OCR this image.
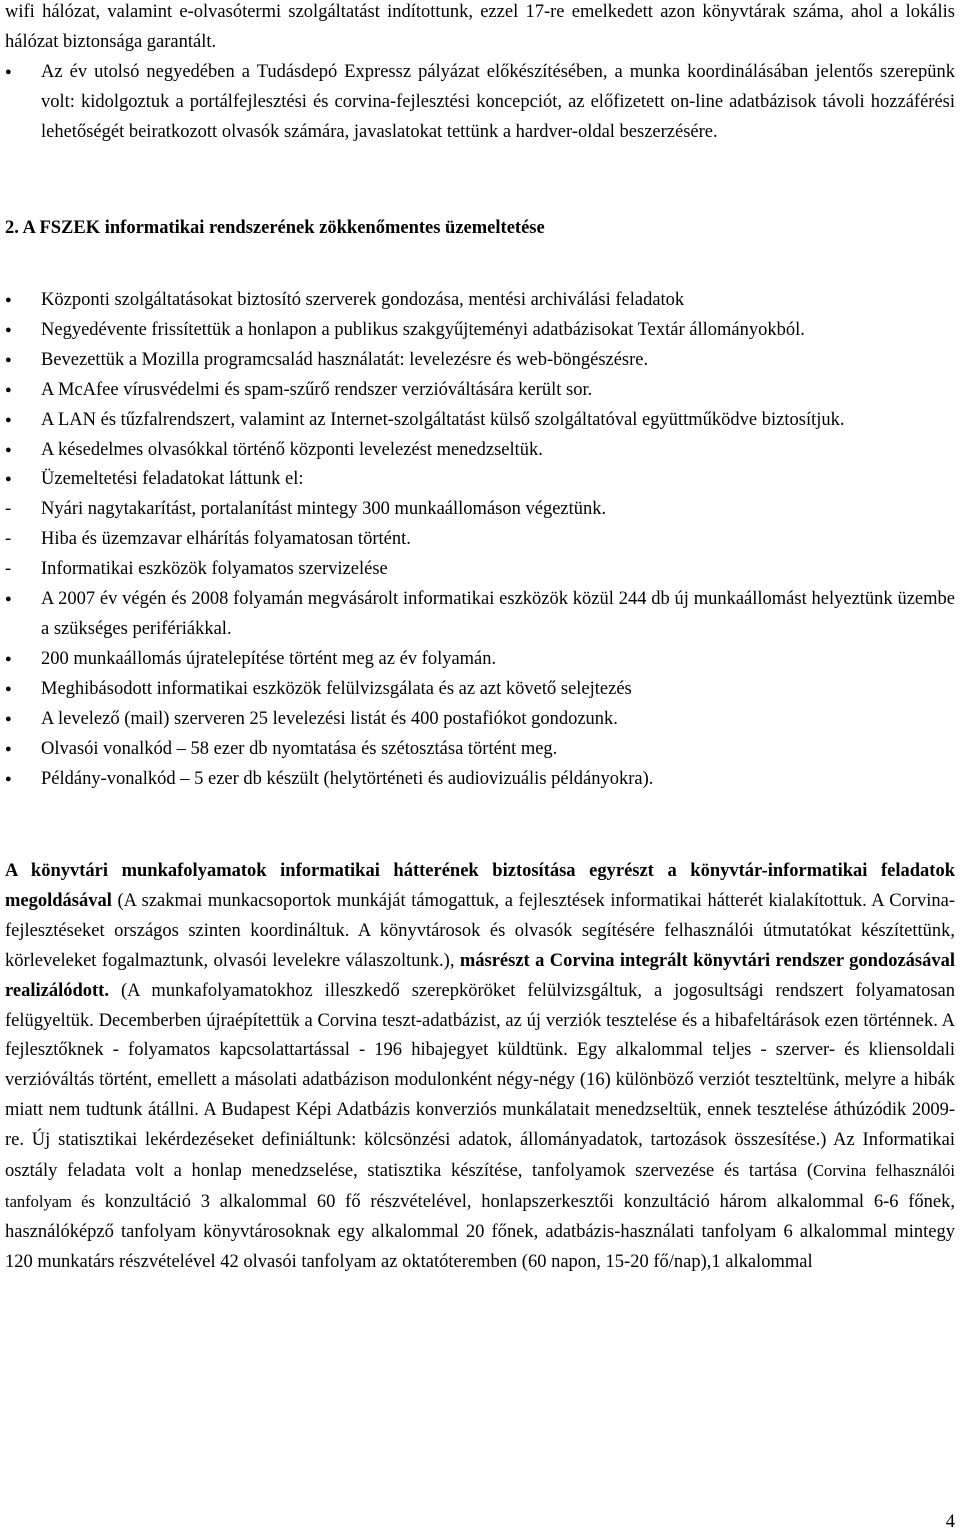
wifi hálózat, valamint e-olvasótermi szolgáltatást indítottunk, ezzel 17-re emelkedett azon könyvtárak száma, ahol a lokális hálózat biztonsága garantált.

● Az év utolsó negyedében a Tudásdepó Expressz pályázat előkészítésében, a munka koordinálásában jelentős szerepünk volt: kidolgoztuk a portálfejlesztési és corvina-fejlesztési koncepciót, az előfizetett on-line adatbázisok távoli hozzáférési lehetőségét beiratkozott olvasók számára, javaslatokat tettünk a hardver-oldal beszerzésére.

2. A FSZEK informatikai rendszerének zökkenőmentes üzemeltetése

● Központi szolgáltatásokat biztosító szerverek gondozása, mentési archiválási feladatok

● Negyedévente frissítettük a honlapon a publikus szakgyűjteményi adatbázisokat Textár állományokból.

● Bevezettük a Mozilla programcsalád használatát: levelezésre és web-böngészésre.

● A McAfee vírusvédelmi és spam-szűrő rendszer verzióváltására került sor.

● A LAN és tűzfalrendszert, valamint az Internet-szolgáltatást külső szolgáltatóval együttműködve biztosítjuk.

● A késedelmes olvasókkal történő központi levelezést menedzseltük.

● Üzemeltetési feladatokat láttunk el:

- Nyári nagytakarítást, portalanítást mintegy 300 munkaállomáson végeztünk.

- Hiba és üzemzavar elhárítás folyamatosan történt.

- Informatikai eszközök folyamatos szervizelése

● A 2007 év végén és 2008 folyamán megvásárolt informatikai eszközök közül 244 db új munkaállomást helyeztünk üzembe a szükséges perifériákkal.

● 200 munkaállomás újratelepítése történt meg az év folyamán.

● Meghibásodott informatikai eszközök felülvizsgálata és az azt követő selejtezés

● A levelező (mail) szerveren 25 levelezési listát és 400 postafiókot gondozunk.

● Olvasói vonalkód – 58 ezer db nyomtatása és szétosztása történt meg.

● Példány-vonalkód – 5 ezer db készült (helytörténeti és audiovizuális példányokra).

A könyvtári munkafolyamatok informatikai hátterének biztosítása egyrészt a könyvtár-informatikai feladatok megoldásával (A szakmai munkacsoportok munkáját támogattuk, a fejlesztések informatikai hátterét kialakítottuk. A Corvina-fejlesztéseket országos szinten koordináltuk. A könyvtárosok és olvasók segítésére felhasználói útmutatókat készítettünk, körleveleket fogalmaztunk, olvasói levelekre válaszoltunk.), másrészt a Corvina integrált könyvtári rendszer gondozásával realizálódott. (A munkafolyamatokhoz illeszkedő szerepköröket felülvizsgáltuk, a jogosultsági rendszert folyamatosan felügyeltük. Decemberben újraépítettük a Corvina teszt-adatbázist, az új verziók tesztelése és a hibafeltárások ezen történnek. A fejlesztőknek - folyamatos kapcsolattartással - 196 hibajegyet küldtünk. Egy alkalommal teljes - szerver- és kliensoldali verzióváltás történt, emellett a másolati adatbázison modulonként négy-négy (16) különböző verziót teszteltünk, melyre a hibák miatt nem tudtunk átállni. A Budapest Képi Adatbázis konverziós munkálatait menedzseltük, ennek tesztelése áthúzódik 2009-re. Új statisztikai lekérdezéseket definiáltunk: kölcsönzési adatok, állományadatok, tartozások összesítése.) Az Informatikai osztály feladata volt a honlap menedzselése, statisztika készítése, tanfolyamok szervezése és tartása (Corvina felhasználói tanfolyam és konzultáció 3 alkalommal 60 fő részvételével, honlapszerkesztői konzultáció három alkalommal 6-6 főnek, használóképző tanfolyam könyvtárosoknak egy alkalommal 20 főnek, adatbázis-használati tanfolyam 6 alkalommal mintegy 120 munkatárs részvételével 42 olvasói tanfolyam az oktatóteremben (60 napon, 15-20 fő/nap),1 alkalommal

4
